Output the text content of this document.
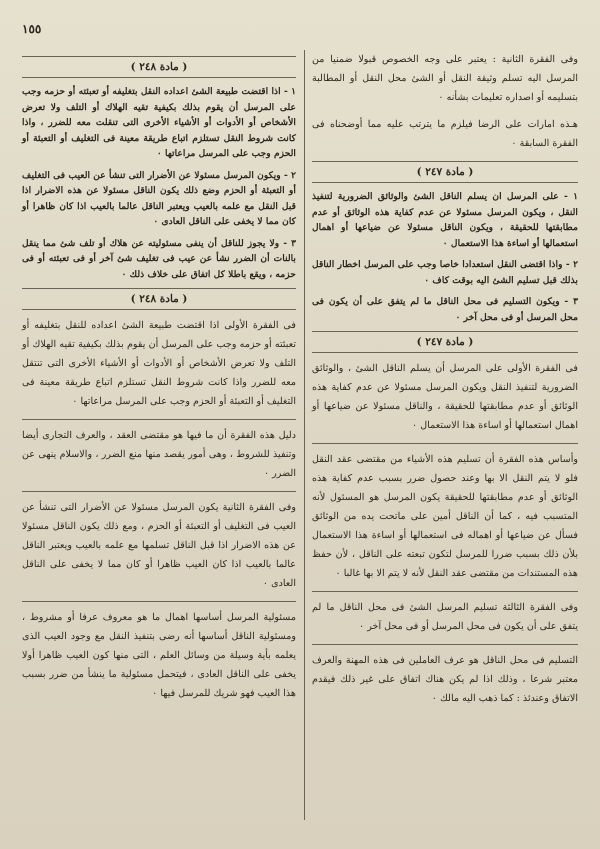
١٥٥

وفى الفقرة الثانية : يعتبر على وجه الخصوص قبولا ضمنيا من المرسل اليه تسلم وثيقة النقل أو الشئ محل النقل أو المطالبة بتسليمه أو اصداره تعليمات بشأنه ٠

هـذه امارات على الرضا فيلزم ما يترتب عليه مما أوضحناه فى الفقرة السابقة ٠

( مادة ٢٤٧ )

١ - على المرسل ان يسلم الناقل الشئ والوثائق الضرورية لتنفيذ النقل ، ويكون المرسل مسئولا عن عدم كفاية هذه الوثائق أو عدم مطابقتها للحقيقة ، ويكون الناقل مسئولا عن ضياعها أو اهمال استعمالها أو اساءة هذا الاستعمال ٠

٢ - واذا اقتضى النقل استعدادا خاصا وجب على المرسل اخطار الناقل بذلك قبل تسليم الشئ اليه بوقت كاف ٠

٣ - ويكون التسليم فى محل الناقل ما لم يتفق على أن يكون فى محل المرسل أو فى محل آخر ٠

( مادة ٢٤٧ )

فى الفقرة الأولى على المرسل أن يسلم الناقل الشئ ، والوثائق الضرورية لتنفيذ النقل ويكون المرسل مسئولا عن عدم كفاية هذه الوثائق أو عدم مطابقتها للحقيقة ، والناقل مسئولا عن ضياعها أو اهمال استعمالها أو اساءة هذا الاستعمال ٠

وأساس هذه الفقرة أن تسليم هذه الأشياء من مقتضى عقد النقل فلو لا يتم النقل الا بها وعند حصول ضرر بسبب عدم كفاية هذه الوثائق أو عدم مطابقتها للحقيقة يكون المرسل هو المسئول لأنه المتسبب فيه ، كما أن الناقل أمين على ماتحت يده من الوثائق فسأل عن ضياعها أو اهماله فى استعمالها أو اساءة هذا الاستعمال بلأن ذلك بسبب ضررا للمرسل لتكون تبعته على الناقل ، لأن حفظ هذه المستندات من مقتضى عقد النقل لأنه لا يتم الا بها غالبا ٠

وفى الفقرة الثالثة تسليم المرسل الشئ فى محل الناقل ما لم يتفق على أن يكون فى محل المرسل أو فى محل آخر ٠

التسليم فى محل الناقل هو عرف العاملين فى هذه المهنة والعرف معتبر شرعا ، وذلك اذا لم يكن هناك اتفاق على غير ذلك فيقدم الاتفاق وعندئذ : كما ذهب اليه مالك ٠

( مادة ٢٤٨ )

١ - اذا اقتضت طبيعة الشئ اعداده النقل بتغليفه أو تعبئته أو حزمه وجب على المرسل أن يقوم بذلك بكيفية تقيه الهلاك أو التلف ولا تعرض الأشخاص أو الأدوات أو الأشياء الأخرى التى تنقلت معه للضرر ، واذا كانت شروط النقل تستلزم اتباع طريقة معينة فى التغليف أو التعبئة أو الحزم وجب على المرسل مراعاتها ٠

٢ - ويكون المرسل مسئولا عن الأضرار التى تنشأ عن العيب فى التغليف أو التعبئة أو الحزم وضع ذلك يكون الناقل مسئولا عن هذه الاضرار اذا قبل النقل مع علمه بالعيب ويعتبر الناقل عالما بالعيب اذا كان ظاهرا أو كان مما لا يخفى على الناقل العادى ٠

٣ - ولا يجوز للناقل أن ينفى مسئوليته عن هلاك أو تلف شئ مما ينقل بالنات أن الضرر نشأ عن عيب فى تغليف شئ آخر أو فى تعبئته أو فى حزمه ، ويقع باطلا كل اتفاق على خلاف ذلك ٠

( مادة ٢٤٨ )

فى الفقرة الأولى اذا اقتضت طبيعة الشئ اعداده للنقل بتغليفه أو تعبئته أو حزمه وجب على المرسل أن يقوم بذلك بكيفية تقيه الهلاك أو التلف ولا تعرض الأشخاص أو الأدوات أو الأشياء الأخرى التى تنتقل معه للضرر واذا كانت شروط النقل تستلزم اتباع طريقة معينة فى التغليف أو التعبئة أو الحزم وجب على المرسل مراعاتها ٠

دليل هذه الفقرة أن ما فيها هو مقتضى العقد ، والعرف التجارى أيضا وتنفيذ للشروط ، وهى أمور يقصد منها منع الضرر ، والاسلام ينهى عن الضرر ٠

وفى الفقرة الثانية يكون المرسل مسئولا عن الأضرار التى تنشأ عن العيب فى التغليف أو التعبئة أو الحزم ، ومع ذلك يكون الناقل مسئولا عن هذه الاضرار اذا قبل الناقل تسلمها مع علمه بالعيب ويعتبر الناقل عالما بالعيب اذا كان العيب ظاهرا أو كان مما لا يخفى على الناقل العادى ٠

مسئولية المرسل أساسها اهمال ما هو معروف عرفا أو مشروط ، ومسئولية الناقل أساسها أنه رضى بتنفيذ النقل مع وجود العيب الذى يعلمه بأية وسيلة من وسائل العلم ، التى منها كون العيب ظاهرا أولا يخفى على الناقل العادى ، فيتحمل مسئولية ما ينشأ من ضرر بسبب هذا العيب فهو شريك للمرسل فيها ٠
